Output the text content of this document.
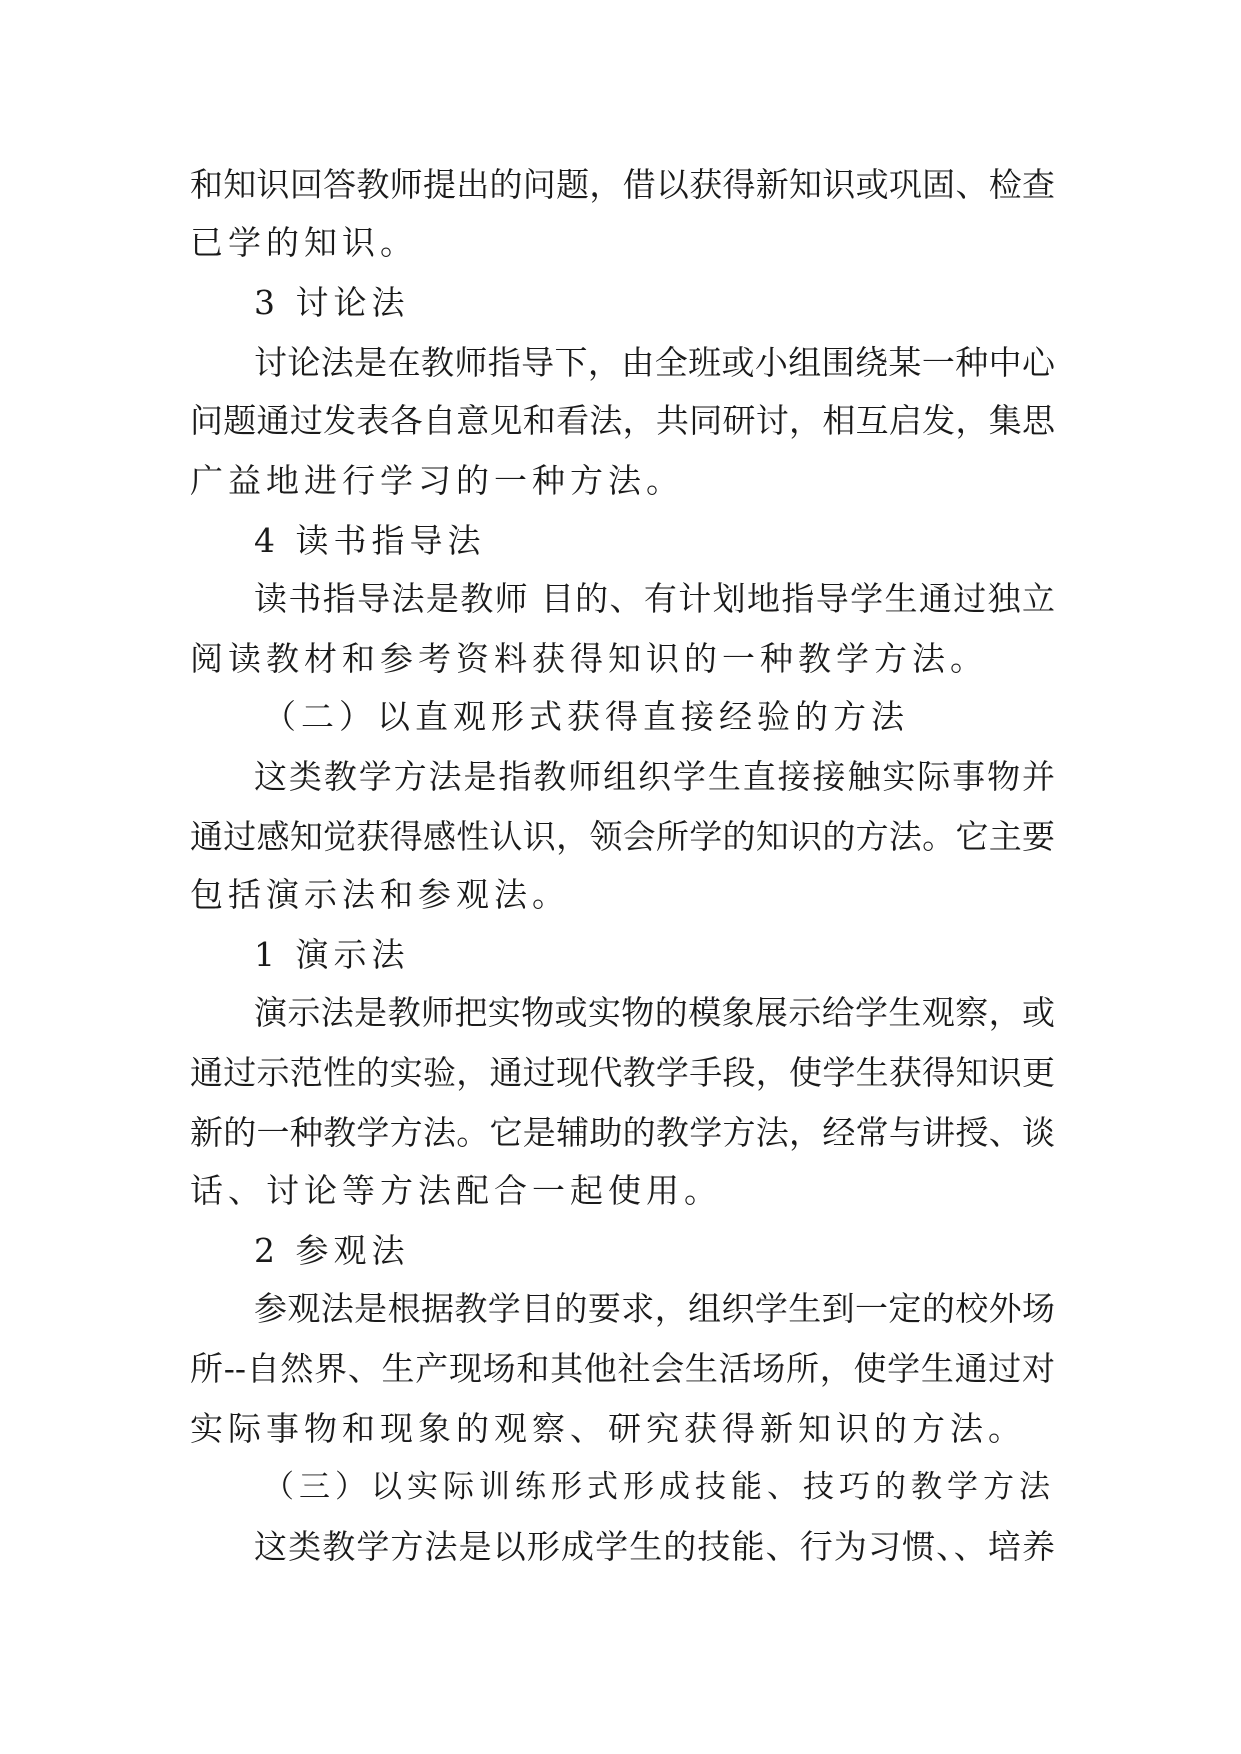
和知识回答教师提出的问题，借以获得新知识或巩固、检查
已学的知识。
3 讨论法
讨论法是在教师指导下，由全班或小组围绕某一种中心
问题通过发表各自意见和看法，共同研讨，相互启发，集思
广益地进行学习的一种方法。
4 读书指导法
读书指导法是教师 目的、有计划地指导学生通过独立
阅读教材和参考资料获得知识的一种教学方法。
（二）以直观形式获得直接经验的方法
这类教学方法是指教师组织学生直接接触实际事物并
通过感知觉获得感性认识，领会所学的知识的方法。它主要
包括演示法和参观法。
1 演示法
演示法是教师把实物或实物的模象展示给学生观察，或
通过示范性的实验，通过现代教学手段，使学生获得知识更
新的一种教学方法。它是辅助的教学方法，经常与讲授、谈
话、讨论等方法配合一起使用。
2 参观法
参观法是根据教学目的要求，组织学生到一定的校外场
所--自然界、生产现场和其他社会生活场所，使学生通过对
实际事物和现象的观察、研究获得新知识的方法。
（三）以实际训练形式形成技能、技巧的教学方法
这类教学方法是以形成学生的技能、行为习惯、、培养
